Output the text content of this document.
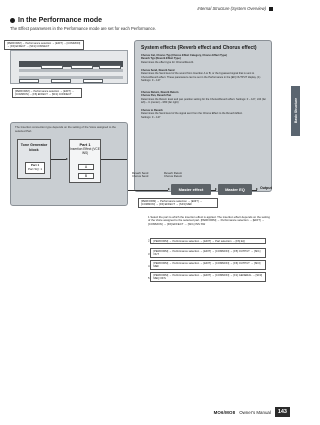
Internal Structure (System Overview)
In the Performance mode
The Effect parameters in the Performance mode are set for each Performance.
Basic Structure
System effects (Reverb effect and Chorus effect)
Chorus Cat, Chorus Typ (Chorus Effect Category, Chorus Effect Type)
Reverb Typ (Reverb Effect Type)
Determines the effect type for Chorus/Reverb.
Chorus Send, Reverb Send
Determines the Send level of the sound from Insertion A or B, or the bypassed signal that is sent to Chorus/Reverb effect. These parameters can be set in the Performance in the [EF] OUTPUT display. (1)
Settings: 0 – 127
Chorus Return, Reverb Return
Chorus Pan, Reverb Pan
Determines the Return level and pan position setting for the Chorus/Reverb effect. Settings: 0 – 127, L64 (far left) – C (center) – R63 (far right)
Chorus to Reverb
Determines the Send level of the signal sent from the Chorus Effect to the Reverb Effect.
Settings: 0 – 127
[PERFORM] → Performance selection → [EDIT] → [COMMON] → [F6] EFFECT → [SF1] CONNECT
[PERFORM] → Performance selection → [EDIT] → [COMMON] → [F6] EFFECT → [SF1] CONNECT
The Insertion connection type depends on the setting of the Voice assigned to the selected Part.
Tone Generator
block
Part 1
Part SQ: 1
Part 1
Insertion Effect (VCE INS)
A
B
Reverb Send
Chorus Send
Reverb Return
Chorus Return
Master effect	Master EQ	Output
[PERFORM] → Performance selection → [EDIT] → [COMMON] → [F6] EFFECT → [SF3] MEF
1 Select the part to which the insertion effect is applied. The insertion effect depends on the setting of the Voice assigned to the selected part. [PERFORM] → Performance selection → [EDIT] → [COMMON] → [F6] EFFECT → [SF1] INS SW
2 [PERFORM] → Performance selection → [EDIT] → Part selection → [F6] EQ
3 [PERFORM] → Performance selection → [EDIT] → [COMMON] → [F5] OUTPUT → [SF1] OUT
4 [PERFORM] → Performance selection → [EDIT] → [COMMON] → [F6] OUTPUT → [SF3] MEF
5 [PERFORM] → Performance selection → [EDIT] → [COMMON] → [F1] GENERAL → [SF3] MEQ OFS
MO6/MO8 Owner's Manual	143
